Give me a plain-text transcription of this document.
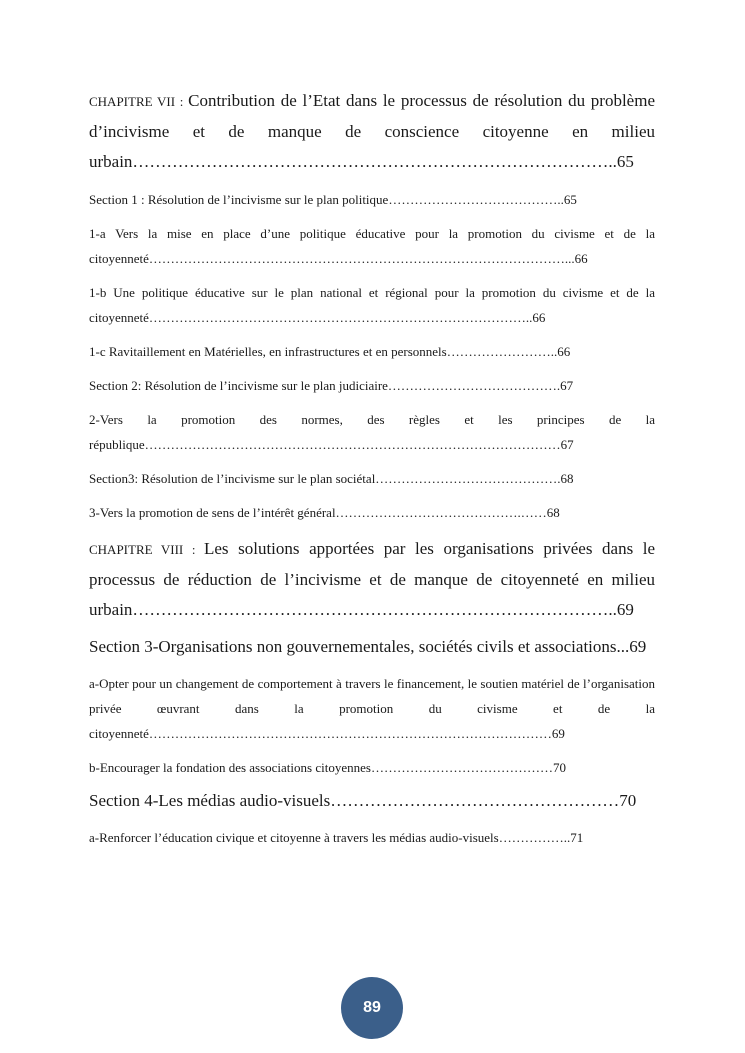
CHAPITRE VII : Contribution de l’Etat dans le processus de résolution du problème d’incivisme et de manque de conscience citoyenne en milieu urbain…………………………………………………………………………..65
Section 1 : Résolution de l’incivisme sur le plan politique…………………………………..65
1-a Vers la mise en place d’une politique éducative pour la promotion du civisme et de la citoyenneté……………………………………………………………………………………...66
1-b Une politique éducative sur le plan national et régional pour la promotion du civisme et de la citoyenneté……………………………………………………………………………..66
1-c Ravitaillement en Matérielles, en infrastructures et en personnels……………………..66
Section 2: Résolution de l’incivisme sur le plan judiciaire………………………………….67
2-Vers la promotion des normes, des règles et les principes de la république……………………………………………………………………………………67
Section3: Résolution de l’incivisme sur le plan sociétal…………………………………….68
3-Vers la promotion de sens de l’intérêt général…………………………………….……68
CHAPITRE VIII : Les solutions apportées par les organisations privées dans le processus de réduction de l’incivisme et de manque de citoyenneté en milieu urbain…………………………………………………………………………..69
Section 3-Organisations non gouvernementales, sociétés civils et associations...69
a-Opter pour un changement de comportement à travers le financement, le soutien matériel de l’organisation privée œuvrant dans la promotion du civisme et de la citoyenneté…………………………………………………………………………………69
b-Encourager la fondation des associations citoyennes……………………………………70
Section 4-Les médias audio-visuels……………………………………………70
a-Renforcer l’éducation civique et citoyenne à travers les médias audio-visuels……………..71
89
